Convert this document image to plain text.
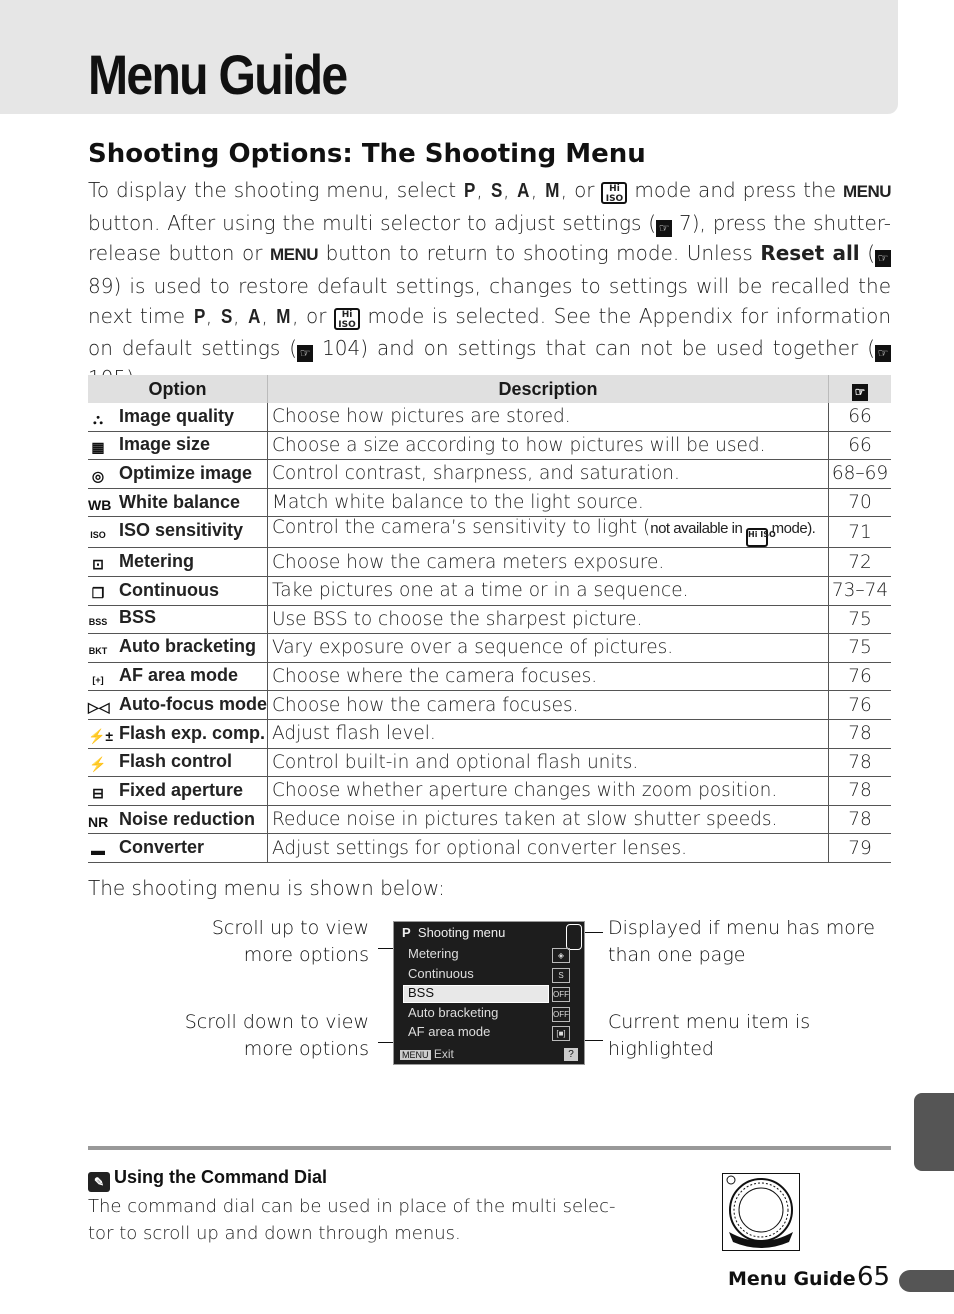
Menu Guide
Shooting Options: The Shooting Menu

To display the shooting menu, select P, S, A, M, or Hi ISO mode and press the MENU button. After using the multi selector to adjust settings ( ☞ 7), press the shutter-release button or MENU button to return to shooting mode. Unless Reset all ( ☞ 89) is used to restore default settings, changes to settings will be recalled the next time P, S, A, M, or Hi ISO mode is selected. See the Appendix for information on default settings ( ☞ 104) and on settings that can not be used together ( ☞

Option	Description	☞
⛬ Image quality	Choose how pictures are stored.	66
▦ Image size	Choose a size according to how pictures will be used.	66
◎ Optimize image	Control contrast, sharpness, and saturation.	68–69
WB White balance	Match white balance to the light source.	70
ISO ISO sensitivity	Control the camera’s sensitivity to light (not available in Hi ISO mode).	71
⊡ Metering	Choose how the camera meters exposure.	72
❐ Continuous	Take pictures one at a time or in a sequence.	73–74
BSS BSS	Use BSS to choose the sharpest picture.	75
BKT Auto bracketing	Vary exposure over a sequence of pictures.	75
[+] AF area mode	Choose where the camera focuses.	76
▷◁ Auto-focus mode	Choose how the camera focuses.	76
⚡± Flash exp. comp.	Adjust flash level.	78
⚡ Flash control	Control built-in and optional flash units.	78
⊟ Fixed aperture	Choose whether aperture changes with zoom position.	78
NR Noise reduction	Reduce noise in pictures taken at slow shutter speeds.	78
▬ Converter	Adjust settings for optional converter lenses.	79

The shooting menu is shown below:

Scroll up to view
more options
Scroll down to view
more options
Displayed if menu has more
than one page
Current menu item is
highlighted
P Shooting menu
Metering	◈
Continuous	S
BSS	OFF
Auto bracketing	OFF
AF area mode	[■]
MENU Exit	?

✎ Using the Command Dial

The command dial can be used in place of the multi selec-
tor to scroll up and down through menus.

Menu Guide 65
